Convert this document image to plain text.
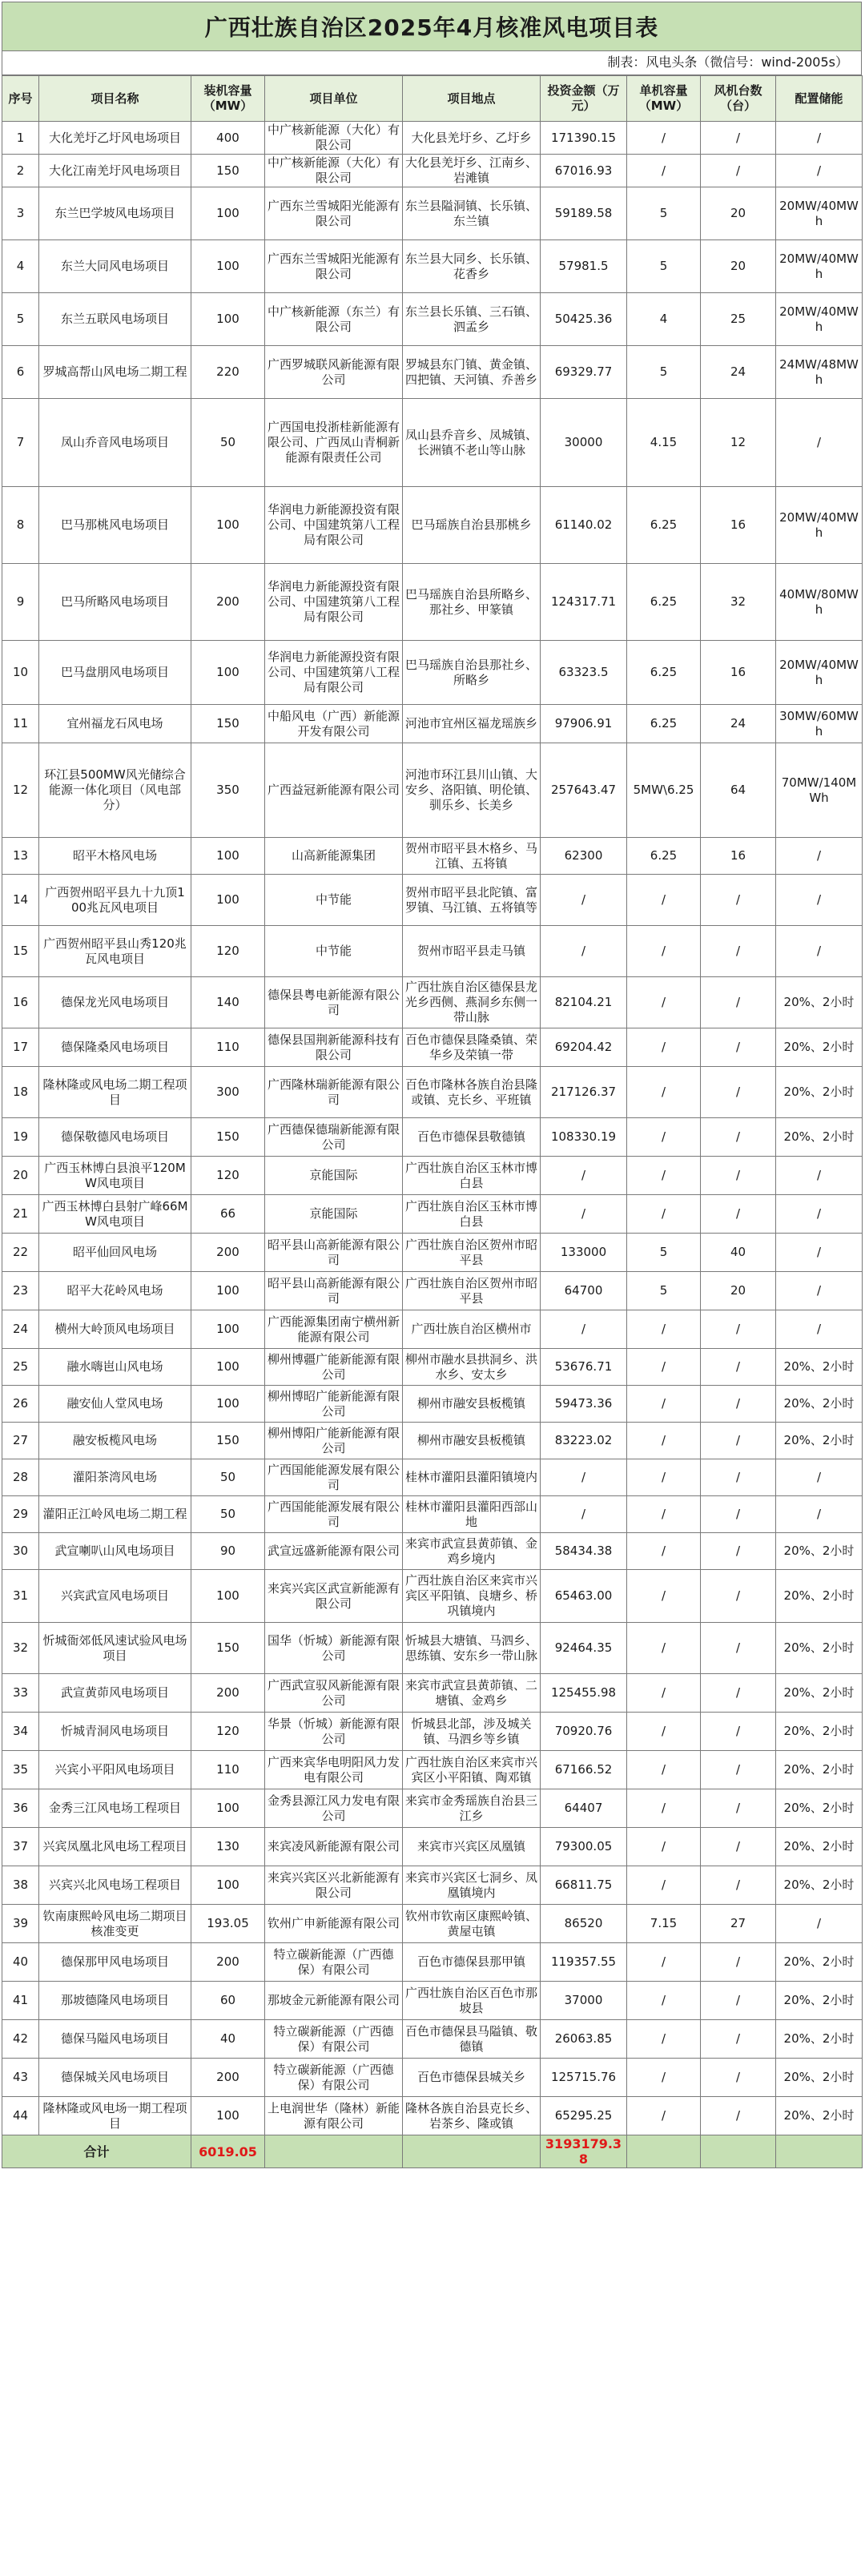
广西壮族自治区2025年4月核准风电项目表
制表：风电头条（微信号：wind-2005s）
序号	项目名称	装机容量（MW）	项目单位	项目地点	投资金额（万元）	单机容量（MW）	风机台数（台）	配置储能
1	大化羌圩乙圩风电场项目	400	中广核新能源（大化）有限公司	大化县羌圩乡、乙圩乡	171390.15	/	/	/
2	大化江南羌圩风电场项目	150	中广核新能源（大化）有限公司	大化县羌圩乡、江南乡、岩滩镇	67016.93	/	/	/
3	东兰巴学坡风电场项目	100	广西东兰雪城阳光能源有限公司	东兰县隘洞镇、长乐镇、东兰镇	59189.58	5	20	20MW/40MWh
4	东兰大同风电场项目	100	广西东兰雪城阳光能源有限公司	东兰县大同乡、长乐镇、花香乡	57981.5	5	20	20MW/40MWh
5	东兰五联风电场项目	100	中广核新能源（东兰）有限公司	东兰县长乐镇、三石镇、泗孟乡	50425.36	4	25	20MW/40MWh
6	罗城高帮山风电场二期工程	220	广西罗城联风新能源有限公司	罗城县东门镇、黄金镇、四把镇、天河镇、乔善乡	69329.77	5	24	24MW/48MWh
7	凤山乔音风电场项目	50	广西国电投浙桂新能源有限公司、广西凤山青桐新能源有限责任公司	凤山县乔音乡、凤城镇、长洲镇不老山等山脉	30000	4.15	12	/
8	巴马那桃风电场项目	100	华润电力新能源投资有限公司、中国建筑第八工程局有限公司	巴马瑶族自治县那桃乡	61140.02	6.25	16	20MW/40MWh
9	巴马所略风电场项目	200	华润电力新能源投资有限公司、中国建筑第八工程局有限公司	巴马瑶族自治县所略乡、那社乡、甲篆镇	124317.71	6.25	32	40MW/80MWh
10	巴马盘朋风电场项目	100	华润电力新能源投资有限公司、中国建筑第八工程局有限公司	巴马瑶族自治县那社乡、所略乡	63323.5	6.25	16	20MW/40MWh
11	宜州福龙石风电场	150	中船风电（广西）新能源开发有限公司	河池市宜州区福龙瑶族乡	97906.91	6.25	24	30MW/60MWh
12	环江县500MW风光储综合能源一体化项目（风电部分）	350	广西益冠新能源有限公司	河池市环江县川山镇、大安乡、洛阳镇、明伦镇、驯乐乡、长美乡	257643.47	5MW\6.25	64	70MW/140MWh
13	昭平木格风电场	100	山高新能源集团	贺州市昭平县木格乡、马江镇、五将镇	62300	6.25	16	/
14	广西贺州昭平县九十九顶100兆瓦风电项目	100	中节能	贺州市昭平县北陀镇、富罗镇、马江镇、五将镇等	/	/	/	/
15	广西贺州昭平县山秀120兆瓦风电项目	120	中节能	贺州市昭平县走马镇	/	/	/	/
16	德保龙光风电场项目	140	德保县粤电新能源有限公司	广西壮族自治区德保县龙光乡西侧、燕洞乡东侧一带山脉	82104.21	/	/	20%、2小时
17	德保隆桑风电场项目	110	德保县国荆新能源科技有限公司	百色市德保县隆桑镇、荣华乡及荣镇一带	69204.42	/	/	20%、2小时
18	隆林隆或风电场二期工程项目	300	广西隆林瑞新能源有限公司	百色市隆林各族自治县隆或镇、克长乡、平班镇	217126.37	/	/	20%、2小时
19	德保敬德风电场项目	150	广西德保德瑞新能源有限公司	百色市德保县敬德镇	108330.19	/	/	20%、2小时
20	广西玉林博白县浪平120MW风电项目	120	京能国际	广西壮族自治区玉林市博白县	/	/	/	/
21	广西玉林博白县射广峰66MW风电项目	66	京能国际	广西壮族自治区玉林市博白县	/	/	/	/
22	昭平仙回风电场	200	昭平县山高新能源有限公司	广西壮族自治区贺州市昭平县	133000	5	40	/
23	昭平大花岭风电场	100	昭平县山高新能源有限公司	广西壮族自治区贺州市昭平县	64700	5	20	/
24	横州大岭顶风电场项目	100	广西能源集团南宁横州新能源有限公司	广西壮族自治区横州市	/	/	/	/
25	融水嗨岜山风电场	100	柳州博疆广能新能源有限公司	柳州市融水县拱洞乡、洪水乡、安太乡	53676.71	/	/	20%、2小时
26	融安仙人堂风电场	100	柳州博昭广能新能源有限公司	柳州市融安县板榄镇	59473.36	/	/	20%、2小时
27	融安板榄风电场	150	柳州博阳广能新能源有限公司	柳州市融安县板榄镇	83223.02	/	/	20%、2小时
28	灌阳茶湾风电场	50	广西国能能源发展有限公司	桂林市灌阳县灌阳镇境内	/	/	/	/
29	灌阳正江岭风电场二期工程	50	广西国能能源发展有限公司	桂林市灌阳县灌阳西部山地	/	/	/	/
30	武宣喇叭山风电场项目	90	武宣远盛新能源有限公司	来宾市武宣县黄茆镇、金鸡乡境内	58434.38	/	/	20%、2小时
31	兴宾武宣风电场项目	100	来宾兴宾区武宣新能源有限公司	广西壮族自治区来宾市兴宾区平阳镇、良塘乡、桥巩镇境内	65463.00	/	/	20%、2小时
32	忻城衙郊低风速试验风电场项目	150	国华（忻城）新能源有限公司	忻城县大塘镇、马泗乡、思练镇、安东乡一带山脉	92464.35	/	/	20%、2小时
33	武宣黄茆风电场项目	200	广西武宣驭风新能源有限公司	来宾市武宣县黄茆镇、二塘镇、金鸡乡	125455.98	/	/	20%、2小时
34	忻城青洞风电场项目	120	华景（忻城）新能源有限公司	忻城县北部，涉及城关镇、马泗乡等乡镇	70920.76	/	/	20%、2小时
35	兴宾小平阳风电场项目	110	广西来宾华电明阳风力发电有限公司	广西壮族自治区来宾市兴宾区小平阳镇、陶邓镇	67166.52	/	/	20%、2小时
36	金秀三江风电场工程项目	100	金秀县源江风力发电有限公司	来宾市金秀瑶族自治县三江乡	64407	/	/	20%、2小时
37	兴宾凤凰北风电场工程项目	130	来宾凌风新能源有限公司	来宾市兴宾区凤凰镇	79300.05	/	/	20%、2小时
38	兴宾兴北风电场工程项目	100	来宾兴宾区兴北新能源有限公司	来宾市兴宾区七洞乡、凤凰镇境内	66811.75	/	/	20%、2小时
39	钦南康熙岭风电场二期项目核准变更	193.05	钦州广申新能源有限公司	钦州市钦南区康熙岭镇、黄屋屯镇	86520	7.15	27	/
40	德保那甲风电场项目	200	特立碳新能源（广西德保）有限公司	百色市德保县那甲镇	119357.55	/	/	20%、2小时
41	那坡德隆风电场项目	60	那坡金元新能源有限公司	广西壮族自治区百色市那坡县	37000	/	/	20%、2小时
42	德保马隘风电场项目	40	特立碳新能源（广西德保）有限公司	百色市德保县马隘镇、敬德镇	26063.85	/	/	20%、2小时
43	德保城关风电场项目	200	特立碳新能源（广西德保）有限公司	百色市德保县城关乡	125715.76	/	/	20%、2小时
44	隆林隆或风电场一期工程项目	100	上电润世华（隆林）新能源有限公司	隆林各族自治县克长乡、岩茶乡、隆或镇	65295.25	/	/	20%、2小时
合计		6019.05			3193179.38			
